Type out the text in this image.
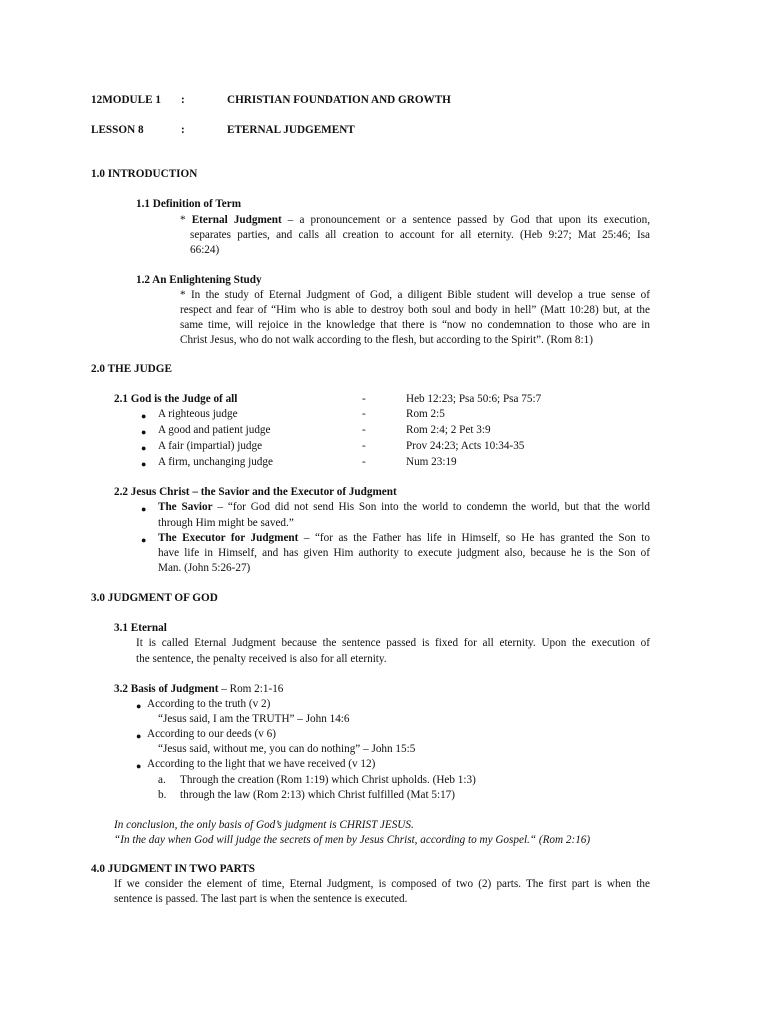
12MODULE 1 :	CHRISTIAN FOUNDATION AND GROWTH
LESSON 8	:	ETERNAL JUDGEMENT
1.0 INTRODUCTION
1.1 Definition of Term
* Eternal Judgment – a pronouncement or a sentence passed by God that upon its execution,
separates parties, and calls all creation to account for all eternity. (Heb 9:27; Mat 25:46; Isa
66:24)
1.2 An Enlightening Study
* In the study of Eternal Judgment of God, a diligent Bible student will develop a true sense of
respect and fear of “Him who is able to destroy both soul and body in hell” (Matt 10:28) but, at the
same time, will rejoice in the knowledge that there is “now no condemnation to those who are in
Christ Jesus, who do not walk according to the flesh, but according to the Spirit”. (Rom 8:1)
2.0 THE JUDGE
2.1 God is the Judge of all	-	Heb 12:23; Psa 50:6; Psa 75:7
● A righteous judge	-	Rom 2:5
● A good and patient judge	-	Rom 2:4; 2 Pet 3:9
● A fair (impartial) judge	-	Prov 24:23; Acts 10:34-35
● A firm, unchanging judge	-	Num 23:19
2.2 Jesus Christ – the Savior and the Executor of Judgment
● The Savior – “for God did not send His Son into the world to condemn the world, but that the world
through Him might be saved.”
● The Executor for Judgment – “for as the Father has life in Himself, so He has granted the Son to
have life in Himself, and has given Him authority to execute judgment also, because he is the Son of
Man. (John 5:26-27)
3.0 JUDGMENT OF GOD
3.1 Eternal
It is called Eternal Judgment because the sentence passed is fixed for all eternity. Upon the execution of
the sentence, the penalty received is also for all eternity.
3.2 Basis of Judgment – Rom 2:1-16
● According to the truth (v 2)
“Jesus said, I am the TRUTH” – John 14:6
● According to our deeds (v 6)
“Jesus said, without me, you can do nothing” – John 15:5
● According to the light that we have received (v 12)
a. Through the creation (Rom 1:19) which Christ upholds. (Heb 1:3)
b. through the law (Rom 2:13) which Christ fulfilled (Mat 5:17)
In conclusion, the only basis of God’s judgment is CHRIST JESUS.
“In the day when God will judge the secrets of men by Jesus Christ, according to my Gospel.“ (Rom 2:16)
4.0 JUDGMENT IN TWO PARTS
If we consider the element of time, Eternal Judgment, is composed of two (2) parts. The first part is when the
sentence is passed. The last part is when the sentence is executed.
